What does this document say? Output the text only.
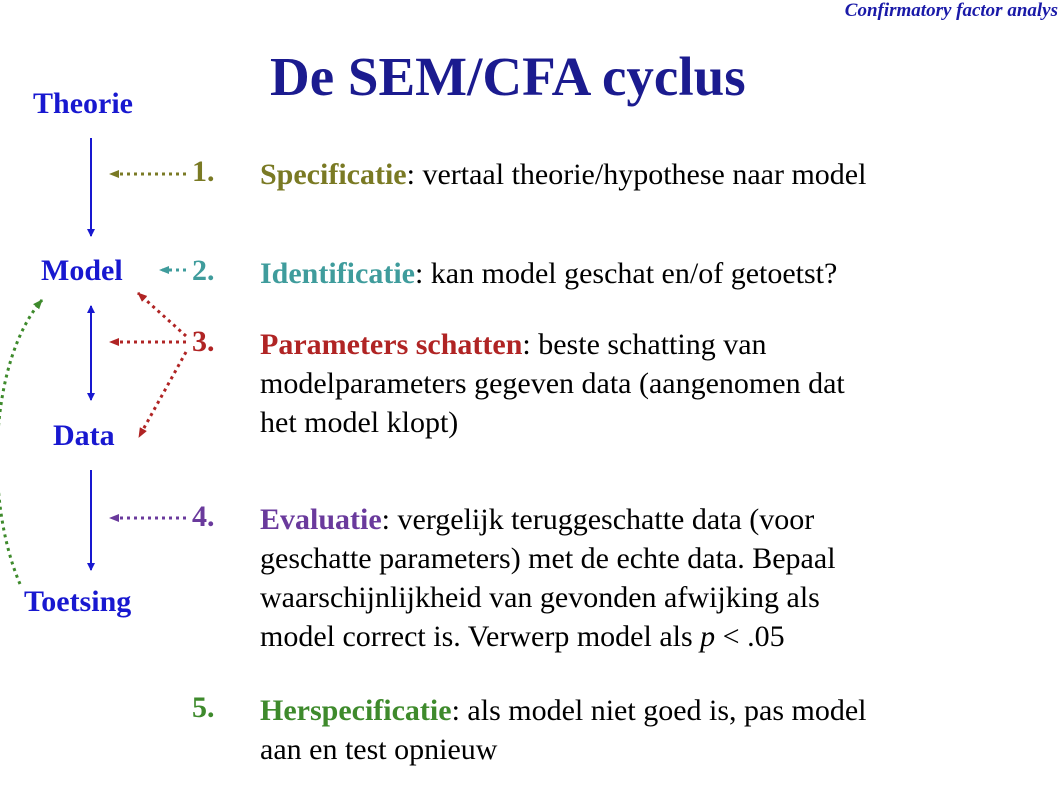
Confirmatory factor analys
De SEM/CFA cyclus
Theorie
Model
Data
Toetsing
1.
2.
3.
4.
5.
Specificatie: vertaal theorie/hypothese naar model
Identificatie: kan model geschat en/of getoetst?
Parameters schatten: beste schatting van
modelparameters gegeven data (aangenomen dat
het model klopt)
Evaluatie: vergelijk teruggeschatte data (voor
geschatte parameters) met de echte data. Bepaal
waarschijnlijkheid van gevonden afwijking als
model correct is. Verwerp model als p < .05
Herspecificatie: als model niet goed is, pas model
aan en test opnieuw
